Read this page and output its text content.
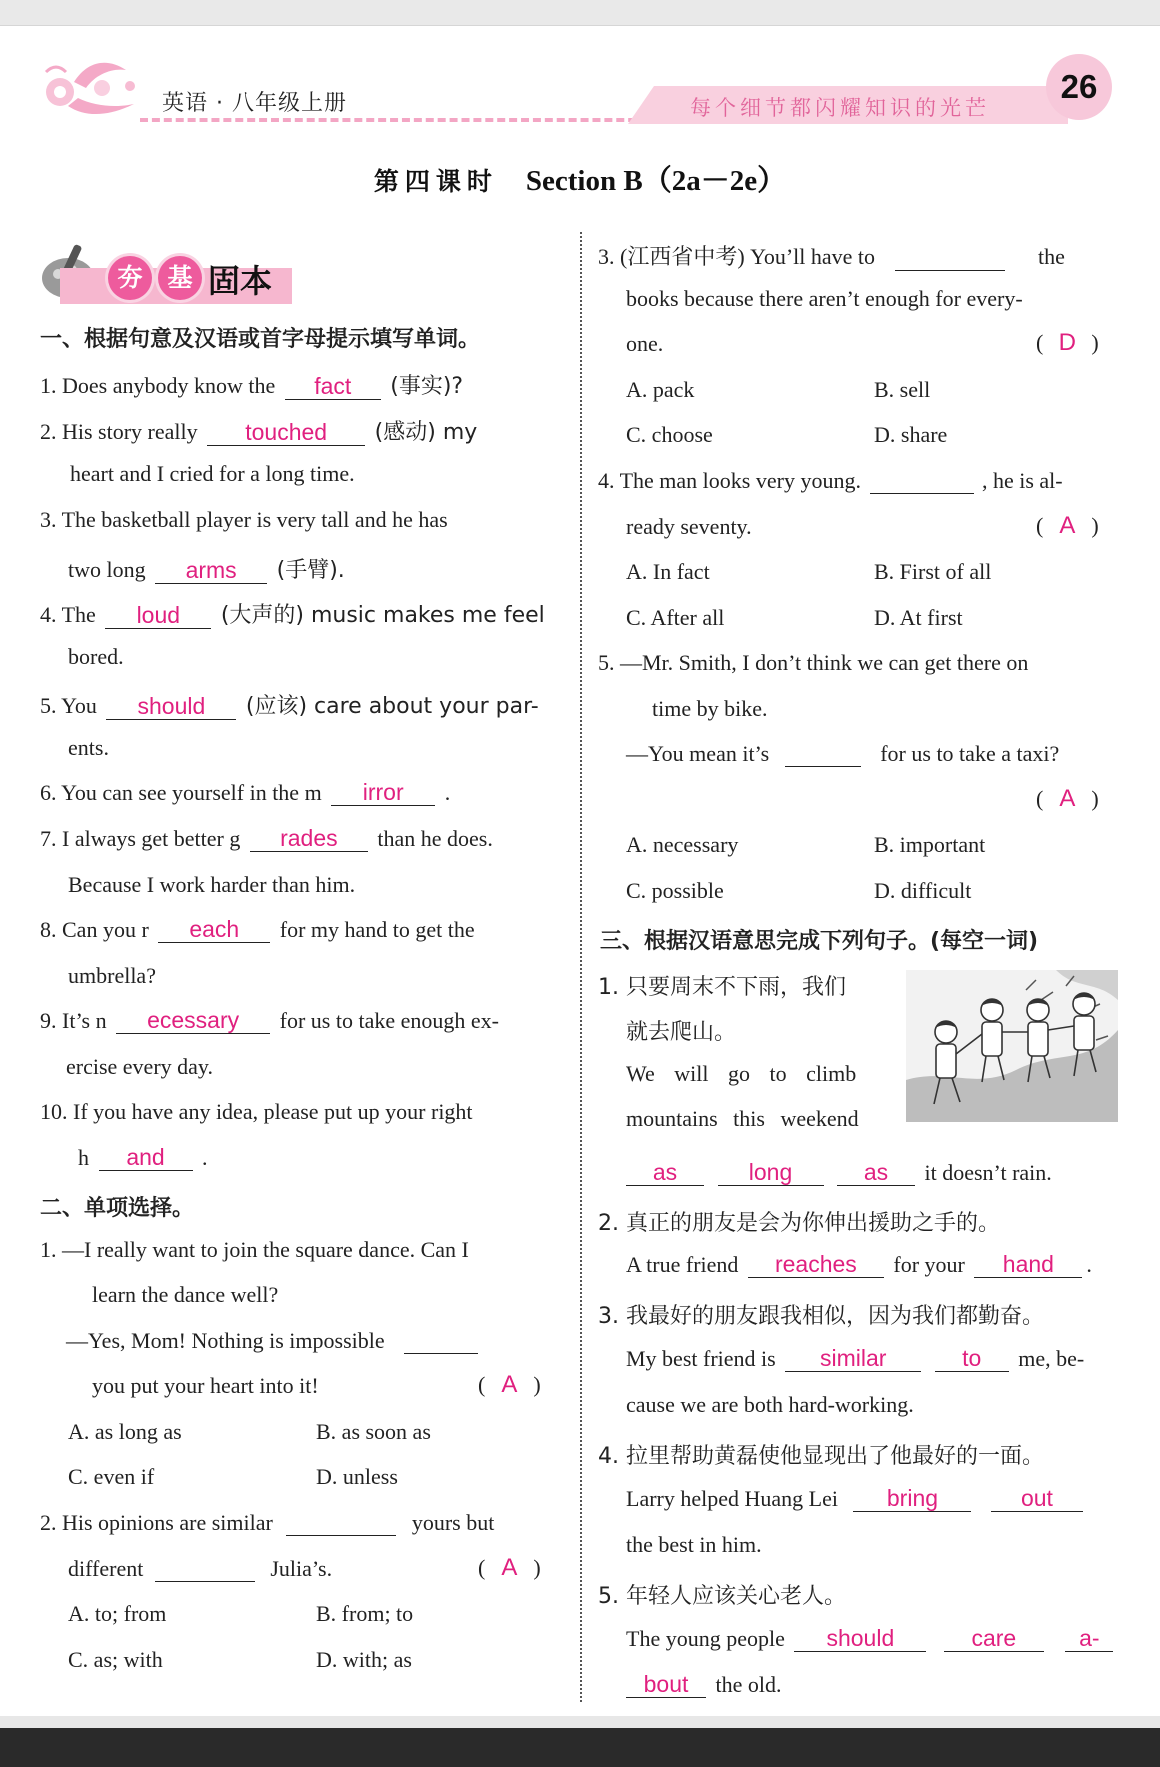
英语 · 八年级上册	每个细节都闪耀知识的光芒
26
第四课时 Section B（2a－2e）
夯 基 固本
一、根据句意及汉语或首字母提示填写单词。
1. Does anybody know the fact (事实)?
2. His story really touched (感动) my
heart and I cried for a long time.
3. The basketball player is very tall and he has
two long arms (手臂).
4. The loud (大声的) music makes me feel
bored.
5. You should (应该) care about your par-
ents.
6. You can see yourself in the m irror .
7. I always get better g rades than he does.
Because I work harder than him.
8. Can you r each for my hand to get the
umbrella?
9. It’s n ecessary for us to take enough ex-
ercise every day.
10. If you have any idea, please put up your right
h and .
二、单项选择。
1. —I really want to join the square dance. Can I
learn the dance well?
—Yes, Mom! Nothing is impossible
you put your heart into it!	( A )
A. as long as	B. as soon as
C. even if	D. unless
2. His opinions are similar	yours but
different	Julia’s.	( A )
A. to; from	B. from; to
C. as; with	D. with; as
3. (江西省中考) You’ll have to	the
books because there aren’t enough for every-
one.	( D )
A. pack	B. sell
C. choose	D. share
4. The man looks very young.	, he is al-
ready seventy.	( A )
A. In fact	B. First of all
C. After all	D. At first
5. —Mr. Smith, I don’t think we can get there on
time by bike.
—You mean it’s	for us to take a taxi?
( A )
A. necessary	B. important
C. possible	D. difficult
三、根据汉语意思完成下列句子。(每空一词)
1. 只要周末不下雨，我们
就去爬山。
We will go to climb
mountains this weekend
as	long	as it doesn’t rain.
2. 真正的朋友是会为你伸出援助之手的。
A true friend reaches for your hand .
3. 我最好的朋友跟我相似，因为我们都勤奋。
My best friend is similar	to me, be-
cause we are both hard-working.
4. 拉里帮助黄磊使他显现出了他最好的一面。
Larry helped Huang Lei bring	out
the best in him.
5. 年轻人应该关心老人。
The young people should	care	a-
bout the old.
